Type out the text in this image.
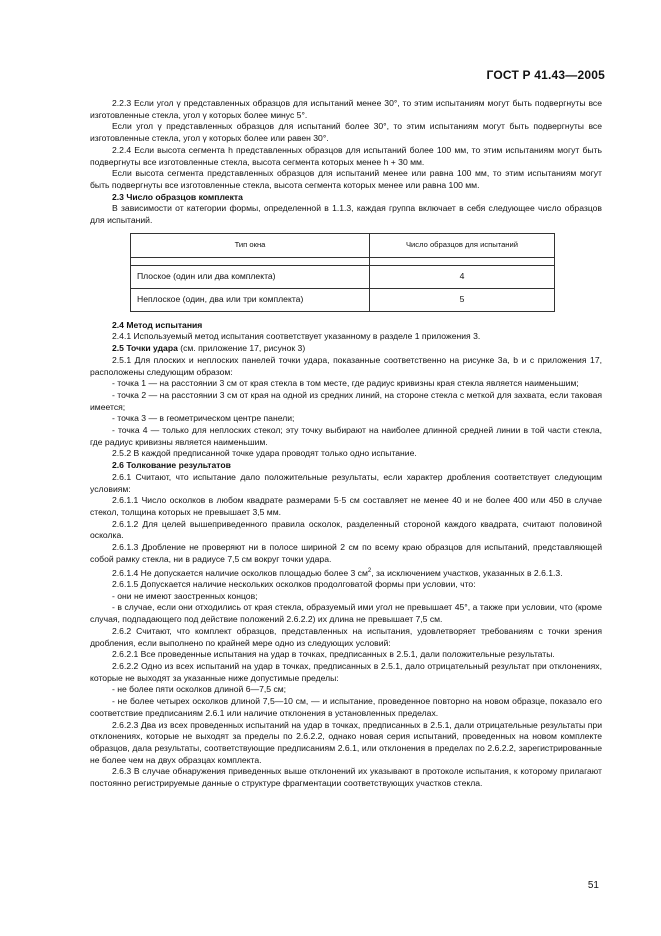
ГОСТ Р 41.43—2005

2.2.3 Если угол γ представленных образцов для испытаний менее 30°, то этим испытаниям могут быть подвергнуты все изготовленные стекла, угол γ которых более минус 5°.

Если угол γ представленных образцов для испытаний более 30°, то этим испытаниям могут быть подвергнуты все изготовленные стекла, угол γ которых более или равен 30°.

2.2.4 Если высота сегмента h представленных образцов для испытаний более 100 мм, то этим испытаниям могут быть подвергнуты все изготовленные стекла, высота сегмента которых менее h + 30 мм.

Если высота сегмента представленных образцов для испытаний менее или равна 100 мм, то этим испытаниям могут быть подвергнуты все изготовленные стекла, высота сегмента которых менее или равна 100 мм.

2.3 Число образцов комплекта

В зависимости от категории формы, определенной в 1.1.3, каждая группа включает в себя следующее число образцов для испытаний.

Тип окна	Число образцов для испытаний

Плоское (один или два комплекта)	4
Неплоское (один, два или три комплекта)	5

2.4 Метод испытания

2.4.1 Используемый метод испытания соответствует указанному в разделе 1 приложения 3.

2.5 Точки удара (см. приложение 17, рисунок 3)

2.5.1 Для плоских и неплоских панелей точки удара, показанные соответственно на рисунке 3а, b и c приложения 17, расположены следующим образом:

- точка 1 — на расстоянии 3 см от края стекла в том месте, где радиус кривизны края стекла является наименьшим;

- точка 2 — на расстоянии 3 см от края на одной из средних линий, на стороне стекла с меткой для захвата, если таковая имеется;

- точка 3 — в геометрическом центре панели;

- точка 4 — только для неплоских стекол; эту точку выбирают на наиболее длинной средней линии в той части стекла, где радиус кривизны является наименьшим.

2.5.2 В каждой предписанной точке удара проводят только одно испытание.

2.6 Толкование результатов

2.6.1 Считают, что испытание дало положительные результаты, если характер дробления соответствует следующим условиям:

2.6.1.1 Число осколков в любом квадрате размерами 5·5 см составляет не менее 40 и не более 400 или 450 в случае стекол, толщина которых не превышает 3,5 мм.

2.6.1.2 Для целей вышеприведенного правила осколок, разделенный стороной каждого квадрата, считают половиной осколка.

2.6.1.3 Дробление не проверяют ни в полосе шириной 2 см по всему краю образцов для испытаний, представляющей собой рамку стекла, ни в радиусе 7,5 см вокруг точки удара.

2.6.1.4 Не допускается наличие осколков площадью более 3 $см^2$, за исключением участков, указанных в 2.6.1.3.

2.6.1.5 Допускается наличие нескольких осколков продолговатой формы при условии, что:

- они не имеют заостренных концов;

- в случае, если они отходились от края стекла, образуемый ими угол не превышает 45°, а также при условии, что (кроме случая, подпадающего под действие положений 2.6.2.2) их длина не превышает 7,5 см.

2.6.2 Считают, что комплект образцов, представленных на испытания, удовлетворяет требованиям с точки зрения дробления, если выполнено по крайней мере одно из следующих условий:

2.6.2.1 Все проведенные испытания на удар в точках, предписанных в 2.5.1, дали положительные результаты.

2.6.2.2 Одно из всех испытаний на удар в точках, предписанных в 2.5.1, дало отрицательный результат при отклонениях, которые не выходят за указанные ниже допустимые пределы:

- не более пяти осколков длиной 6—7,5 см;

- не более четырех осколков длиной 7,5—10 см, — и испытание, проведенное повторно на новом образце, показало его соответствие предписаниям 2.6.1 или наличие отклонения в установленных пределах.

2.6.2.3 Два из всех проведенных испытаний на удар в точках, предписанных в 2.5.1, дали отрицательные результаты при отклонениях, которые не выходят за пределы по 2.6.2.2, однако новая серия испытаний, проведенных на новом комплекте образцов, дала результаты, соответствующие предписаниям 2.6.1, или отклонения в пределах по 2.6.2.2, зарегистрированные не более чем на двух образцах комплекта.

2.6.3 В случае обнаружения приведенных выше отклонений их указывают в протоколе испытания, к которому прилагают постоянно регистрируемые данные о структуре фрагментации соответствующих участков стекла.

51
